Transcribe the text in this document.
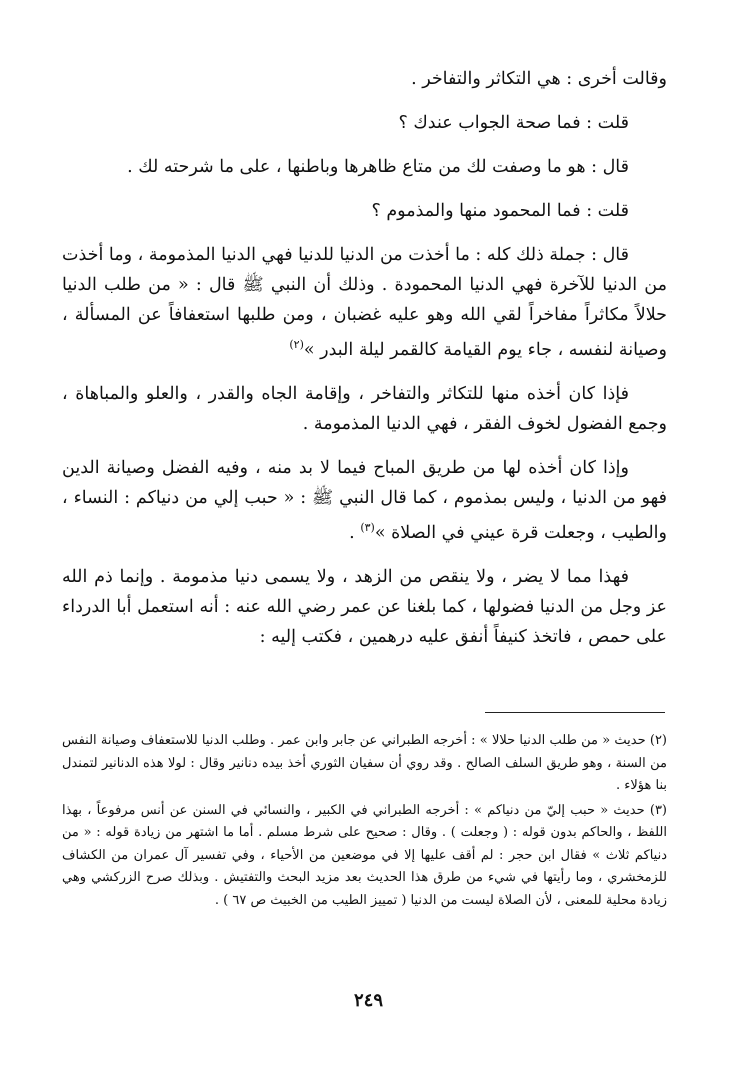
وقالت أخرى : هي التكاثر والتفاخر .

قلت : فما صحة الجواب عندك ؟

قال : هو ما وصفت لك من متاع ظاهرها وباطنها ، على ما شرحته لك .

قلت : فما المحمود منها والمذموم ؟

قال : جملة ذلك كله : ما أخذت من الدنيا للدنيا فهي الدنيا المذمومة ، وما أخذت من الدنيا للآخرة فهي الدنيا المحمودة . وذلك أن النبي ﷺ قال : « من طلب الدنيا حلالاً مكاثراً مفاخراً لقي الله وهو عليه غضبان ، ومن طلبها استعفافاً عن المسألة ، وصيانة لنفسه ، جاء يوم القيامة كالقمر ليلة البدر »$^{(٢)}$

فإذا كان أخذه منها للتكاثر والتفاخر ، وإقامة الجاه والقدر ، والعلو والمباهاة ، وجمع الفضول لخوف الفقر ، فهي الدنيا المذمومة .

وإذا كان أخذه لها من طريق المباح فيما لا بد منه ، وفيه الفضل وصيانة الدين فهو من الدنيا ، وليس بمذموم ، كما قال النبي ﷺ : « حبب إلي من دنياكم : النساء ، والطيب ، وجعلت قرة عيني في الصلاة »$^{(٣)}$ .

فهذا مما لا يضر ، ولا ينقص من الزهد ، ولا يسمى دنيا مذمومة . وإنما ذم الله عز وجل من الدنيا فضولها ، كما بلغنا عن عمر رضي الله عنه : أنه استعمل أبا الدرداء على حمص ، فاتخذ كنيفاً أنفق عليه درهمين ، فكتب إليه :

(٢) حديث « من طلب الدنيا حلالا » : أخرجه الطبراني عن جابر وابن عمر . وطلب الدنيا للاستعفاف وصيانة النفس من السنة ، وهو طريق السلف الصالح . وقد روي أن سفيان الثوري أخذ بيده دنانير وقال : لولا هذه الدنانير لتمندل بنا هؤلاء .

(٣) حديث « حبب إليّ من دنياكم » : أخرجه الطبراني في الكبير ، والنسائي في السنن عن أنس مرفوعاً ، بهذا اللفظ ، والحاكم بدون قوله : ( وجعلت ) . وقال : صحيح على شرط مسلم . أما ما اشتهر من زيادة قوله : « من دنياكم ثلاث » فقال ابن حجر : لم أقف عليها إلا في موضعين من الأحياء ، وفي تفسير آل عمران من الكشاف للزمخشري ، وما رأيتها في شيء من طرق هذا الحديث بعد مزيد البحث والتفتيش . وبذلك صرح الزركشي وهي زيادة محلية للمعنى ، لأن الصلاة ليست من الدنيا ( تمييز الطيب من الخبيث ص ٦٧ ) .

٢٤٩
